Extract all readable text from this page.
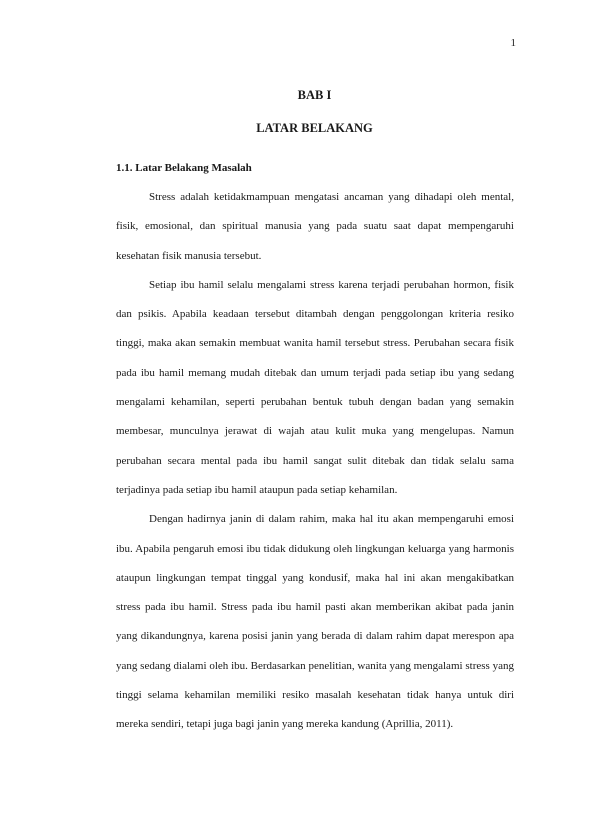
1
BAB I
LATAR BELAKANG
1.1. Latar Belakang Masalah

Stress adalah ketidakmampuan mengatasi ancaman yang dihadapi oleh mental, fisik, emosional, dan spiritual manusia yang pada suatu saat dapat mempengaruhi kesehatan fisik manusia tersebut.

Setiap ibu hamil selalu mengalami stress karena terjadi perubahan hormon, fisik dan psikis. Apabila keadaan tersebut ditambah dengan penggolongan kriteria resiko tinggi, maka akan semakin membuat wanita hamil tersebut stress. Perubahan secara fisik pada ibu hamil memang mudah ditebak dan umum terjadi pada setiap ibu yang sedang mengalami kehamilan, seperti perubahan bentuk tubuh dengan badan yang semakin membesar, munculnya jerawat di wajah atau kulit muka yang mengelupas. Namun perubahan secara mental pada ibu hamil sangat sulit ditebak dan tidak selalu sama terjadinya pada setiap ibu hamil ataupun pada setiap kehamilan.

Dengan hadirnya janin di dalam rahim, maka hal itu akan mempengaruhi emosi ibu. Apabila pengaruh emosi ibu tidak didukung oleh lingkungan keluarga yang harmonis ataupun lingkungan tempat tinggal yang kondusif, maka hal ini akan mengakibatkan stress pada ibu hamil. Stress pada ibu hamil pasti akan memberikan akibat pada janin yang dikandungnya, karena posisi janin yang berada di dalam rahim dapat merespon apa yang sedang dialami oleh ibu. Berdasarkan penelitian, wanita yang mengalami stress yang tinggi selama kehamilan memiliki resiko masalah kesehatan tidak hanya untuk diri mereka sendiri, tetapi juga bagi janin yang mereka kandung (Aprillia, 2011).
